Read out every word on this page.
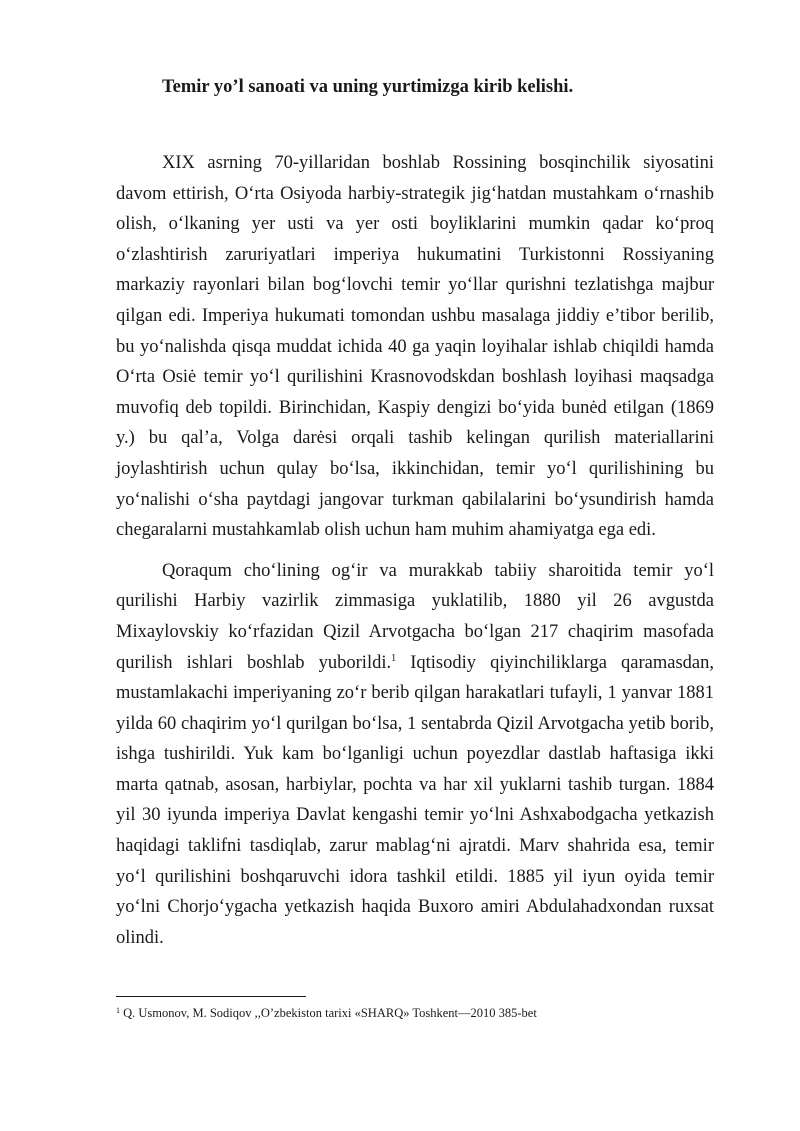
Temir yo’l sanoati va uning yurtimizga kirib kelishi.

XIX asrning 70-yillaridan boshlab Rossining bosqinchilik siyosatini davom ettirish, O‘rta Osiyoda harbiy-strategik jig‘hatdan mustahkam o‘rnashib olish, o‘lkaning yer usti va yer osti boyliklarini mumkin qadar ko‘proq o‘zlashtirish zaruriyatlari imperiya hukumatini Turkistonni Rossiyaning markaziy rayonlari bilan bog‘lovchi temir yo‘llar qurishni tezlatishga majbur qilgan edi. Imperiya hukumati tomondan ushbu masalaga jiddiy e’tibor berilib, bu yo‘nalishda qisqa muddat ichida 40 ga yaqin loyihalar ishlab chiqildi hamda O‘rta Osiė temir yo‘l qurilishini Krasnovodskdan boshlash loyihasi maqsadga muvofiq deb topildi. Birinchidan, Kaspiy dengizi bo‘yida bunėd etilgan (1869 y.) bu qal’a, Volga darėsi orqali tashib kelingan qurilish materiallarini joylashtirish uchun qulay bo‘lsa, ikkinchidan, temir yo‘l qurilishining bu yo‘nalishi o‘sha paytdagi jangovar turkman qabilalarini bo‘ysundirish hamda chegaralarni mustahkamlab olish uchun ham muhim ahamiyatga ega edi.

Qoraqum cho‘lining og‘ir va murakkab tabiiy sharoitida temir yo‘l qurilishi Harbiy vazirlik zimmasiga yuklatilib, 1880 yil 26 avgustda Mixaylovskiy ko‘rfazidan Qizil Arvotgacha bo‘lgan 217 chaqirim masofada qurilish ishlari boshlab yuborildi.$^1$ Iqtisodiy qiyinchiliklarga qaramasdan, mustamlakachi imperiyaning zo‘r berib qilgan harakatlari tufayli, 1 yanvar 1881 yilda 60 chaqirim yo‘l qurilgan bo‘lsa, 1 sentabrda Qizil Arvotgacha yetib borib, ishga tushirildi. Yuk kam bo‘lganligi uchun poyezdlar dastlab haftasiga ikki marta qatnab, asosan, harbiylar, pochta va har xil yuklarni tashib turgan. 1884 yil 30 iyunda imperiya Davlat kengashi temir yo‘lni Ashxabodgacha yetkazish haqidagi taklifni tasdiqlab, zarur mablag‘ni ajratdi. Marv shahrida esa, temir yo‘l qurilishini boshqaruvchi idora tashkil etildi. 1885 yil iyun oyida temir yo‘lni Chorjo‘ygacha yetkazish haqida Buxoro amiri Abdulahadxondan ruxsat olindi.

$^1$ Q. Usmonov, M. Sodiqov ,,O’zbekiston tarixi «SHARQ» Toshkent—2010 385-bet
